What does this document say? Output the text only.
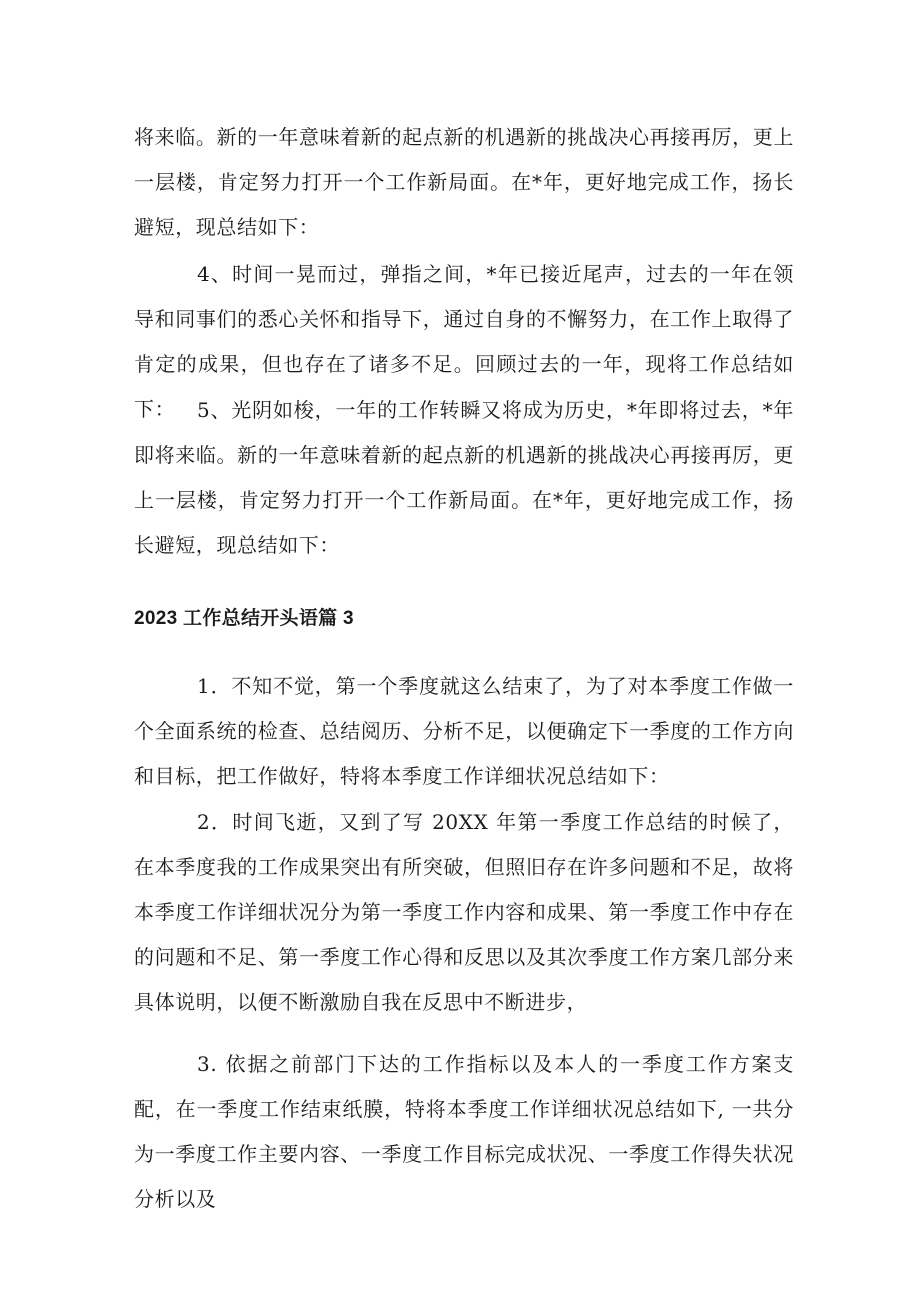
将来临。新的一年意味着新的起点新的机遇新的挑战决心再接再厉，更上一层楼，肯定努力打开一个工作新局面。在*年，更好地完成工作，扬长避短，现总结如下：

4、时间一晃而过，弹指之间，*年已接近尾声，过去的一年在领导和同事们的悉心关怀和指导下，通过自身的不懈努力，在工作上取得了肯定的成果，但也存在了诸多不足。回顾过去的一年，现将工作总结如下：	5、光阴如梭，一年的工作转瞬又将成为历史，*年即将过去，*年即将来临。新的一年意味着新的起点新的机遇新的挑战决心再接再厉，更上一层楼，肯定努力打开一个工作新局面。在*年，更好地完成工作，扬长避短，现总结如下：

2023 工作总结开头语篇 3

1．不知不觉，第一个季度就这么结束了，为了对本季度工作做一个全面系统的检查、总结阅历、分析不足，以便确定下一季度的工作方向和目标，把工作做好，特将本季度工作详细状况总结如下：

2．时间飞逝，又到了写 20XX 年第一季度工作总结的时候了，在本季度我的工作成果突出有所突破，但照旧存在许多问题和不足，故将本季度工作详细状况分为第一季度工作内容和成果、第一季度工作中存在的问题和不足、第一季度工作心得和反思以及其次季度工作方案几部分来具体说明，以便不断激励自我在反思中不断进步，

3. 依据之前部门下达的工作指标以及本人的一季度工作方案支配，在一季度工作结束纸膜，特将本季度工作详细状况总结如下, 一共分为一季度工作主要内容、一季度工作目标完成状况、一季度工作得失状况分析以及
